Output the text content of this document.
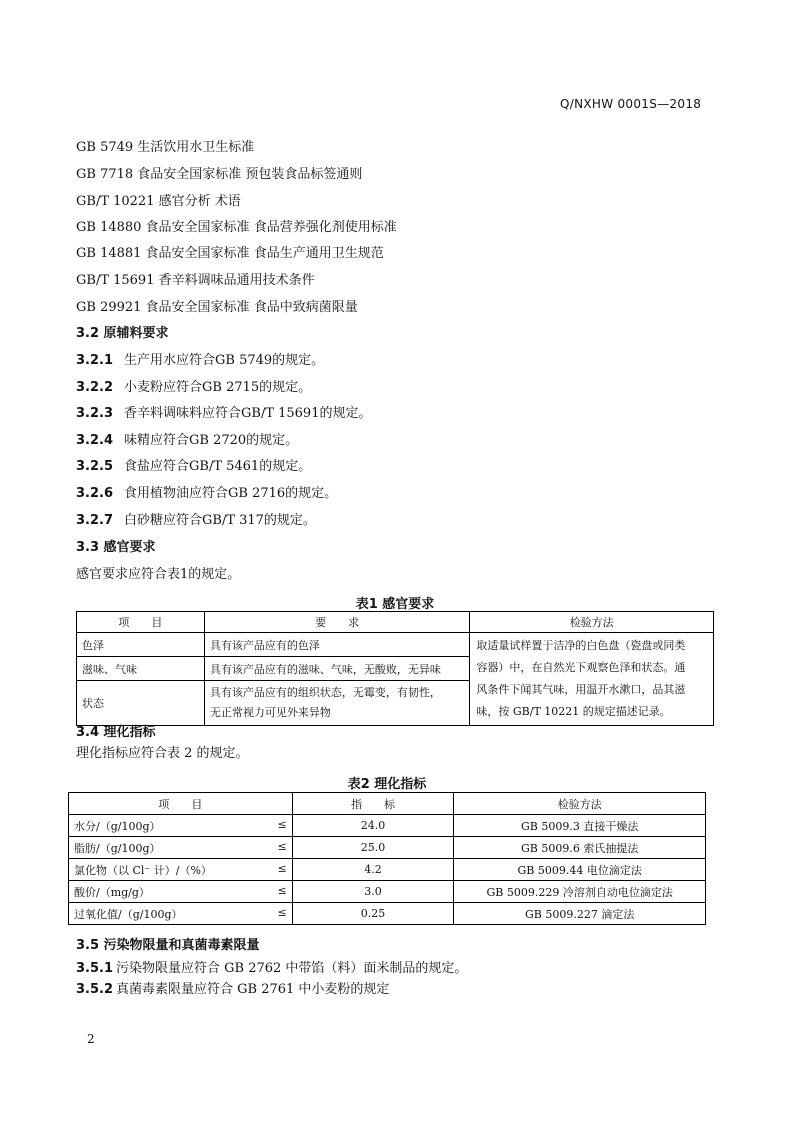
Q/NXHW 0001S—2018
GB 5749 生活饮用水卫生标准
GB 7718 食品安全国家标准 预包装食品标签通则
GB/T 10221 感官分析 术语
GB 14880 食品安全国家标准 食品营养强化剂使用标准
GB 14881 食品安全国家标准 食品生产通用卫生规范
GB/T 15691 香辛料调味品通用技术条件
GB 29921 食品安全国家标准 食品中致病菌限量
3.2 原辅料要求
3.2.1 生产用水应符合GB 5749的规定。
3.2.2 小麦粉应符合GB 2715的规定。
3.2.3 香辛料调味料应符合GB/T 15691的规定。
3.2.4 味精应符合GB 2720的规定。
3.2.5 食盐应符合GB/T 5461的规定。
3.2.6 食用植物油应符合GB 2716的规定。
3.2.7 白砂糖应符合GB/T 317的规定。
3.3 感官要求
感官要求应符合表1的规定。
表1 感官要求
项　　目	要　　求	检验方法
色泽	具有该产品应有的色泽	取适量试样置于洁净的白色盘（瓷盘或同类
容器）中，在自然光下观察色泽和状态。通
风条件下闻其气味，用温开水漱口，品其滋
味，按 GB/T 10221 的规定描述记录。

滋味、气味	具有该产品应有的滋味、气味，无酸败，无异味	
状态	具有该产品应有的组织状态，无霉变，有韧性，
无正常视力可见外来异物	
3.4 理化指标
理化指标应符合表 2 的规定。
表2 理化指标
项　　目	指　　标	检验方法
水分/（g/100g） ≤	24.0	GB 5009.3 直接干燥法
脂肪/（g/100g） ≤	25.0	GB 5009.6 索氏抽提法
氯化物（以 Cl⁻ 计）/（%） ≤	4.2	GB 5009.44 电位滴定法
酸价/（mg/g） ≤	3.0	GB 5009.229 冷溶剂自动电位滴定法
过氧化值/（g/100g） ≤	0.25	GB 5009.227 滴定法
3.5 污染物限量和真菌毒素限量
3.5.1 污染物限量应符合 GB 2762 中带馅（料）面米制品的规定。
3.5.2 真菌毒素限量应符合 GB 2761 中小麦粉的规定
2
